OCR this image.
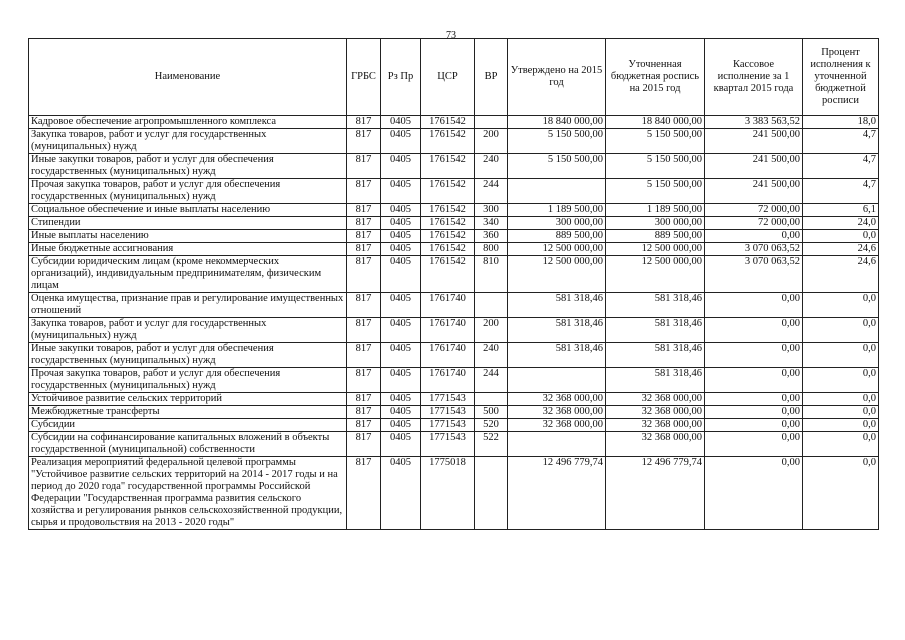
73
Наименование	ГРБС	Рз Пр	ЦСР	ВР	Утверждено на 2015 год	Уточненная бюджетная роспись на 2015 год	Кассовое исполнение за 1 квартал 2015 года	Процент исполнения к уточненной бюджетной росписи
Кадровое обеспечение агропромышленного комплекса	817	0405	1761542		18 840 000,00	18 840 000,00	3 383 563,52	18,0
Закупка товаров, работ и услуг для государственных (муниципальных) нужд	817	0405	1761542	200	5 150 500,00	5 150 500,00	241 500,00	4,7
Иные закупки товаров, работ и услуг для обеспечения государственных (муниципальных) нужд	817	0405	1761542	240	5 150 500,00	5 150 500,00	241 500,00	4,7
Прочая закупка товаров, работ и услуг для обеспечения государственных (муниципальных) нужд	817	0405	1761542	244		5 150 500,00	241 500,00	4,7
Социальное обеспечение и иные выплаты населению	817	0405	1761542	300	1 189 500,00	1 189 500,00	72 000,00	6,1
Стипендии	817	0405	1761542	340	300 000,00	300 000,00	72 000,00	24,0
Иные выплаты населению	817	0405	1761542	360	889 500,00	889 500,00	0,00	0,0
Иные бюджетные ассигнования	817	0405	1761542	800	12 500 000,00	12 500 000,00	3 070 063,52	24,6
Субсидии юридическим лицам (кроме некоммерческих организаций), индивидуальным предпринимателям, физическим лицам	817	0405	1761542	810	12 500 000,00	12 500 000,00	3 070 063,52	24,6
Оценка имущества, признание прав и регулирование имущественных отношений	817	0405	1761740		581 318,46	581 318,46	0,00	0,0
Закупка товаров, работ и услуг для государственных (муниципальных) нужд	817	0405	1761740	200	581 318,46	581 318,46	0,00	0,0
Иные закупки товаров, работ и услуг для обеспечения государственных (муниципальных) нужд	817	0405	1761740	240	581 318,46	581 318,46	0,00	0,0
Прочая закупка товаров, работ и услуг для обеспечения государственных (муниципальных) нужд	817	0405	1761740	244		581 318,46	0,00	0,0
Устойчивое развитие сельских территорий	817	0405	1771543		32 368 000,00	32 368 000,00	0,00	0,0
Межбюджетные трансферты	817	0405	1771543	500	32 368 000,00	32 368 000,00	0,00	0,0
Субсидии	817	0405	1771543	520	32 368 000,00	32 368 000,00	0,00	0,0
Субсидии на софинансирование капитальных вложений в объекты государственной (муниципальной) собственности	817	0405	1771543	522		32 368 000,00	0,00	0,0
Реализация мероприятий федеральной целевой программы "Устойчивое развитие сельских территорий на 2014 - 2017 годы и на период до 2020 года" государственной программы Российской Федерации "Государственная программа развития сельского хозяйства и регулирования рынков сельскохозяйственной продукции, сырья и продовольствия на 2013 - 2020 годы"	817	0405	1775018		12 496 779,74	12 496 779,74	0,00	0,0
